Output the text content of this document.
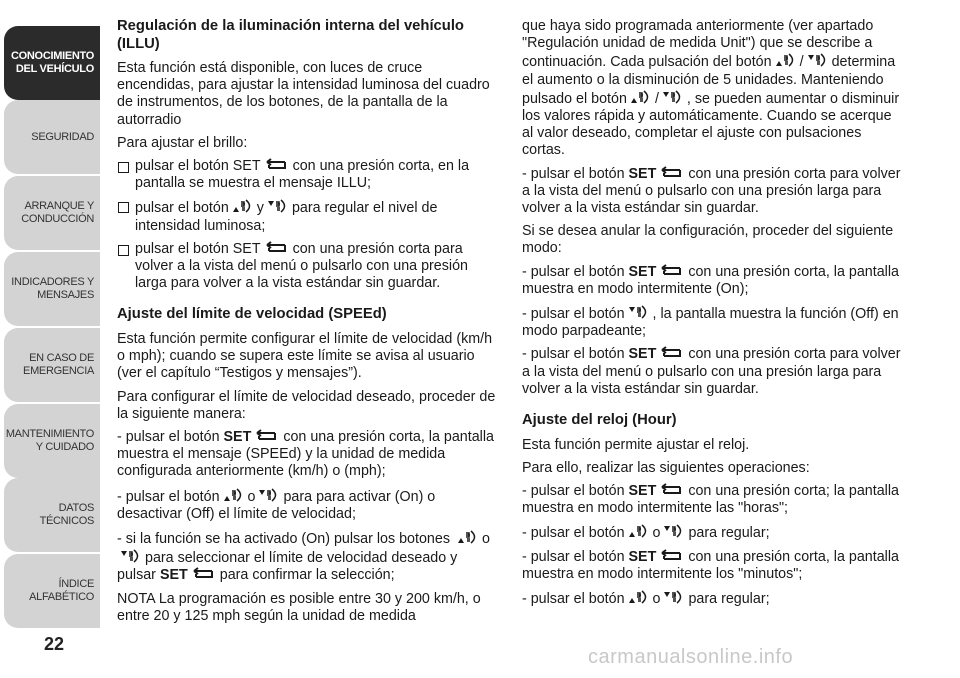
CONOCIMIENTO DEL VEHÍCULO
SEGURIDAD
ARRANQUE Y CONDUCCIÓN
INDICADORES Y MENSAJES
EN CASO DE EMERGENCIA
MANTENIMIENTO Y CUIDADO
DATOS TÉCNICOS
ÍNDICE ALFABÉTICO
22
Regulación de la iluminación interna del vehículo (ILLU)

Esta función está disponible, con luces de cruce encendidas, para ajustar la intensidad luminosa del cuadro de instrumentos, de los botones, de la pantalla de la autorradio

Para ajustar el brillo:

pulsar el botón SET con una presión corta, en la pantalla se muestra el mensaje ILLU;
pulsar el botón y para regular el nivel de intensidad luminosa;
pulsar el botón SET con una presión corta para volver a la vista del menú o pulsarlo con una presión larga para volver a la vista estándar sin guardar.
Ajuste del límite de velocidad (SPEEd)

Esta función permite configurar el límite de velocidad (km/h o mph); cuando se supera este límite se avisa al usuario (ver el capítulo “Testigos y mensajes”).

Para configurar el límite de velocidad deseado, proceder de la siguiente manera:

- pulsar el botón SET con una presión corta, la pantalla muestra el mensaje (SPEEd) y la unidad de medida configurada anteriormente (km/h) o (mph);

- pulsar el botón o para para activar (On) o desactivar (Off) el límite de velocidad;

- si la función se ha activado (On) pulsar los botones opara seleccionar el límite de velocidad deseado y pulsar SET para confirmar la selección;

NOTA La programación es posible entre 30 y 200 km/h, o entre 20 y 125 mph según la unidad de medida

que haya sido programada anteriormente (ver apartado "Regulación unidad de medida Unit") que se describe a continuación. Cada pulsación del botón / determina el aumento o la disminución de 5 unidades. Manteniendo pulsado el botón / , se pueden aumentar o disminuir los valores rápida y automáticamente. Cuando se acerque al valor deseado, completar el ajuste con pulsaciones cortas.

- pulsar el botón SET con una presión corta para volver a la vista del menú o pulsarlo con una presión larga para volver a la vista estándar sin guardar.

Si se desea anular la configuración, proceder del siguiente modo:

- pulsar el botón SET con una presión corta, la pantalla muestra en modo intermitente (On);

- pulsar el botón , la pantalla muestra la función (Off) en modo parpadeante;

- pulsar el botón SET con una presión corta para volver a la vista del menú o pulsarlo con una presión larga para volver a la vista estándar sin guardar.

Ajuste del reloj (Hour)

Esta función permite ajustar el reloj.

Para ello, realizar las siguientes operaciones:

- pulsar el botón SET con una presión corta; la pantalla muestra en modo intermitente las "horas";

- pulsar el botón o para regular;

- pulsar el botón SET con una presión corta, la pantalla muestra en modo intermitente los "minutos";

- pulsar el botón o para regular;

carmanualsonline.info
